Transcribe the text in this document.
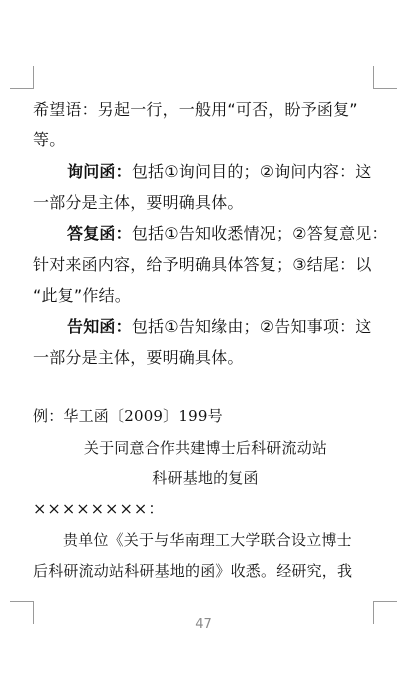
希望语：另起一行，一般用“可否，盼予函复”
等。
询问函：包括①询问目的；②询问内容：这
一部分是主体，要明确具体。
答复函：包括①告知收悉情况；②答复意见：
针对来函内容，给予明确具体答复；③结尾：以
“此复”作结。
告知函：包括①告知缘由；②告知事项：这
一部分是主体，要明确具体。
例：华工函〔2009〕199号
关于同意合作共建博士后科研流动站
科研基地的复函
××××××××：
贵单位《关于与华南理工大学联合设立博士
后科研流动站科研基地的函》收悉。经研究，我
47
